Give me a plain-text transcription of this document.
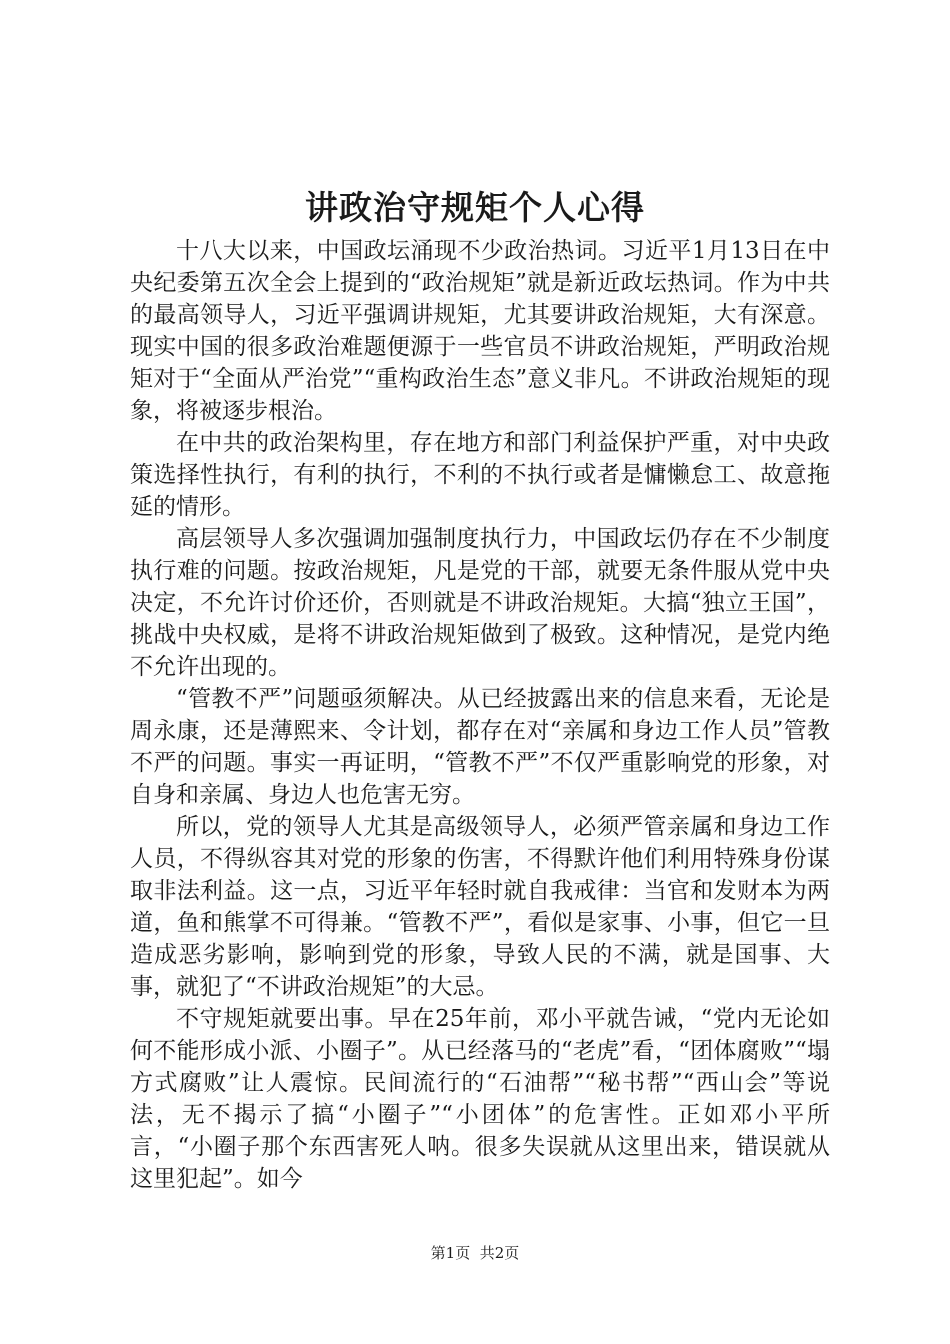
讲政治守规矩个人心得

十八大以来，中国政坛涌现不少政治热词。习近平1月13日在中央纪委第五次全会上提到的“政治规矩”就是新近政坛热词。作为中共的最高领导人，习近平强调讲规矩，尤其要讲政治规矩，大有深意。现实中国的很多政治难题便源于一些官员不讲政治规矩，严明政治规矩对于“全面从严治党”“重构政治生态”意义非凡。不讲政治规矩的现象，将被逐步根治。

在中共的政治架构里，存在地方和部门利益保护严重，对中央政策选择性执行，有利的执行，不利的不执行或者是慵懒怠工、故意拖延的情形。

高层领导人多次强调加强制度执行力，中国政坛仍存在不少制度执行难的问题。按政治规矩，凡是党的干部，就要无条件服从党中央决定，不允许讨价还价，否则就是不讲政治规矩。大搞“独立王国”，挑战中央权威，是将不讲政治规矩做到了极致。这种情况，是党内绝不允许出现的。

“管教不严”问题亟须解决。从已经披露出来的信息来看，无论是周永康，还是薄熙来、令计划，都存在对“亲属和身边工作人员”管教不严的问题。事实一再证明，“管教不严”不仅严重影响党的形象，对自身和亲属、身边人也危害无穷。

所以，党的领导人尤其是高级领导人，必须严管亲属和身边工作人员，不得纵容其对党的形象的伤害，不得默许他们利用特殊身份谋取非法利益。这一点，习近平年轻时就自我戒律：当官和发财本为两道，鱼和熊掌不可得兼。“管教不严”，看似是家事、小事，但它一旦造成恶劣影响，影响到党的形象，导致人民的不满，就是国事、大事，就犯了“不讲政治规矩”的大忌。

不守规矩就要出事。早在25年前，邓小平就告诫，“党内无论如何不能形成小派、小圈子”。从已经落马的“老虎”看，“团体腐败”“塌方式腐败”让人震惊。民间流行的“石油帮”“秘书帮”“西山会”等说法，无不揭示了搞“小圈子”“小团体”的危害性。正如邓小平所言，“小圈子那个东西害死人呐。很多失误就从这里出来，错误就从这里犯起”。如今

第1页 共2页
